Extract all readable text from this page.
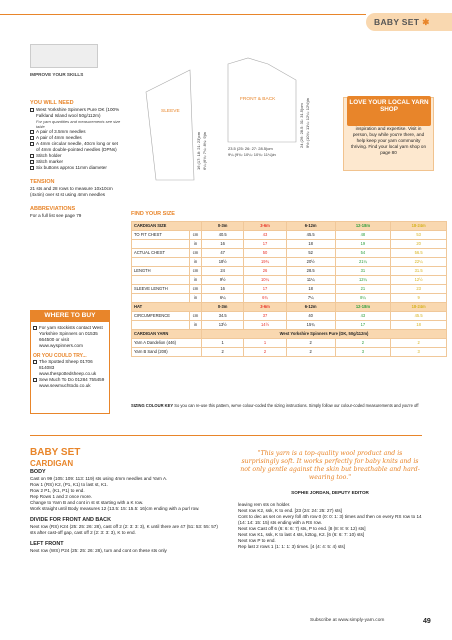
BABY SET ✱
IMPROVE YOUR SKILLS
YOU WILL NEED
West Yorkshire Spinners Pure DK (100% Falkland Island wool 50g/112m)
For yarn quantities and measurements see size table
A pair of 3.5mm needles
A pair of 4mm needles
A 4mm circular needle, 40cm long or set of 4mm double-pointed needles (DPNs)
Stitch holder
Stitch marker
Six buttons approx 11mm diameter
TENSION
21 sts and 28 rows to measure 10x10cm (4x4in) over st st using 4mm needles
ABBREVIATIONS
For a full list see page 79
WHERE TO BUY
For yarn stockists contact West Yorkshire Spinners on 01535 664500 or visit www.wyspinners.com
OR YOU COULD TRY...
The Spotted Sheep 01706 814083 www.thespottedsheep.co.uk
Sew Much To Do 01284 755459 www.sewmuchtodo.co.uk
SLEEVE
FRONT & BACK
16 (17: 18: 21: 23)cm 6¼ (6¾: 7¼: 8¼: 9)in
24 (26: 28.5: 31: 31.5)cm 9½ (10¼: 11¼: 12¼: 12½)in
23.5 (25: 26: 27: 28.5)cm
9¼ (9¾: 10¼: 10¾: 11¼)in
inspiration and expertise. Visit in person, buy while you're there, and help keep your yarn community thriving. Find your local yarn shop on page 80
LOVE YOUR LOCAL YARN SHOP
FIND YOUR SIZE
CARDIGAN SIZE		0-3m	3-6m	6-12m	12-18m	18-24m
TO FIT CHEST	cm	40.5	43	45.5	48	53
	in	16	17	18	19	20
ACTUAL CHEST	cm	47	50	52	54	56.5
	in	18½	19¾	20½	21¼	22¼
LENGTH	cm	24	26	28.5	31	31.5
	in	9½	10¼	11¼	12¼	12½
SLEEVE LENGTH	cm	16	17	18	21	23
	in	6¼	6¾	7¼	8¼	9
HAT		0-3m	3-6m	6-12m	12-18m	18-24m
CIRCUMFERENCE	cm	34.5	37	40	43	45.5
	in	13½	14½	15¾	17	18
CARDIGAN YARN		West Yorkshire Spinners Pure (DK, 50g/112m)				
Yarn A Dandelion (446)		1	1	2	2	2
Yarn B Sand (208)		2	2	2	3	3
SIZING COLOUR KEY So you can re-use this pattern, we've colour-coded the sizing instructions. Simply follow our colour-coded measurements and you're off
BABY SET
CARDIGAN
BODY
Cast on 99 (105: 109: 113: 119) sts using 4mm needles and Yarn A.
Row 1 (RS) K2, (P1, K1) to last st, K1.
Row 2 P1, (K1, P1) to end.
Rep Rows 1 and 2 once more.
Change to Yarn B and cont in st st starting with a K row.
Work straight until Body measures 12 (13.5: 15: 15.5: 16)cm ending with a purl row.
DIVIDE FOR FRONT AND BACK
Next row (RS) K24 (25: 25: 26: 28), cast off 2 (2: 3: 3: 3), K until there are 47 (51: 53: 55: 57) sts after cast-off gap, cast off 2 (2: 3: 3: 3), K to end.
LEFT FRONT
Next row (WS) P24 (25: 25: 26: 28), turn and cont on these sts only
"This yarn is a top-quality wool product and is surprisingly soft. It works perfectly for baby knits and is not only gentle against the skin but breathable and hard-wearing too."
SOPHIE JORDAN, DEPUTY EDITOR
leaving rem sts on holder.
Next row K2, ssk, K to end. [23 (24: 24: 25: 27) sts]
Cont to dec as set on every foll 4th row 0 (0: 0: 1: 3) times and then on every RS row to 14 (14: 14: 15: 15) sts ending with a RS row.
Next row Cast off 6 (6: 6: 6: 7) sts, P to end. [8 (8: 8: 9: 12) sts]
Next row K1, ssk, K to last 4 sts, k2tog, K2. [6 (6: 6: 7: 10) sts]
Next row P to end.
Rep last 2 rows 1 (1: 1: 1: 3) times. [4 (4: 4: 5: 4) sts]
Subscribe at www.simply-yarn.com	49
